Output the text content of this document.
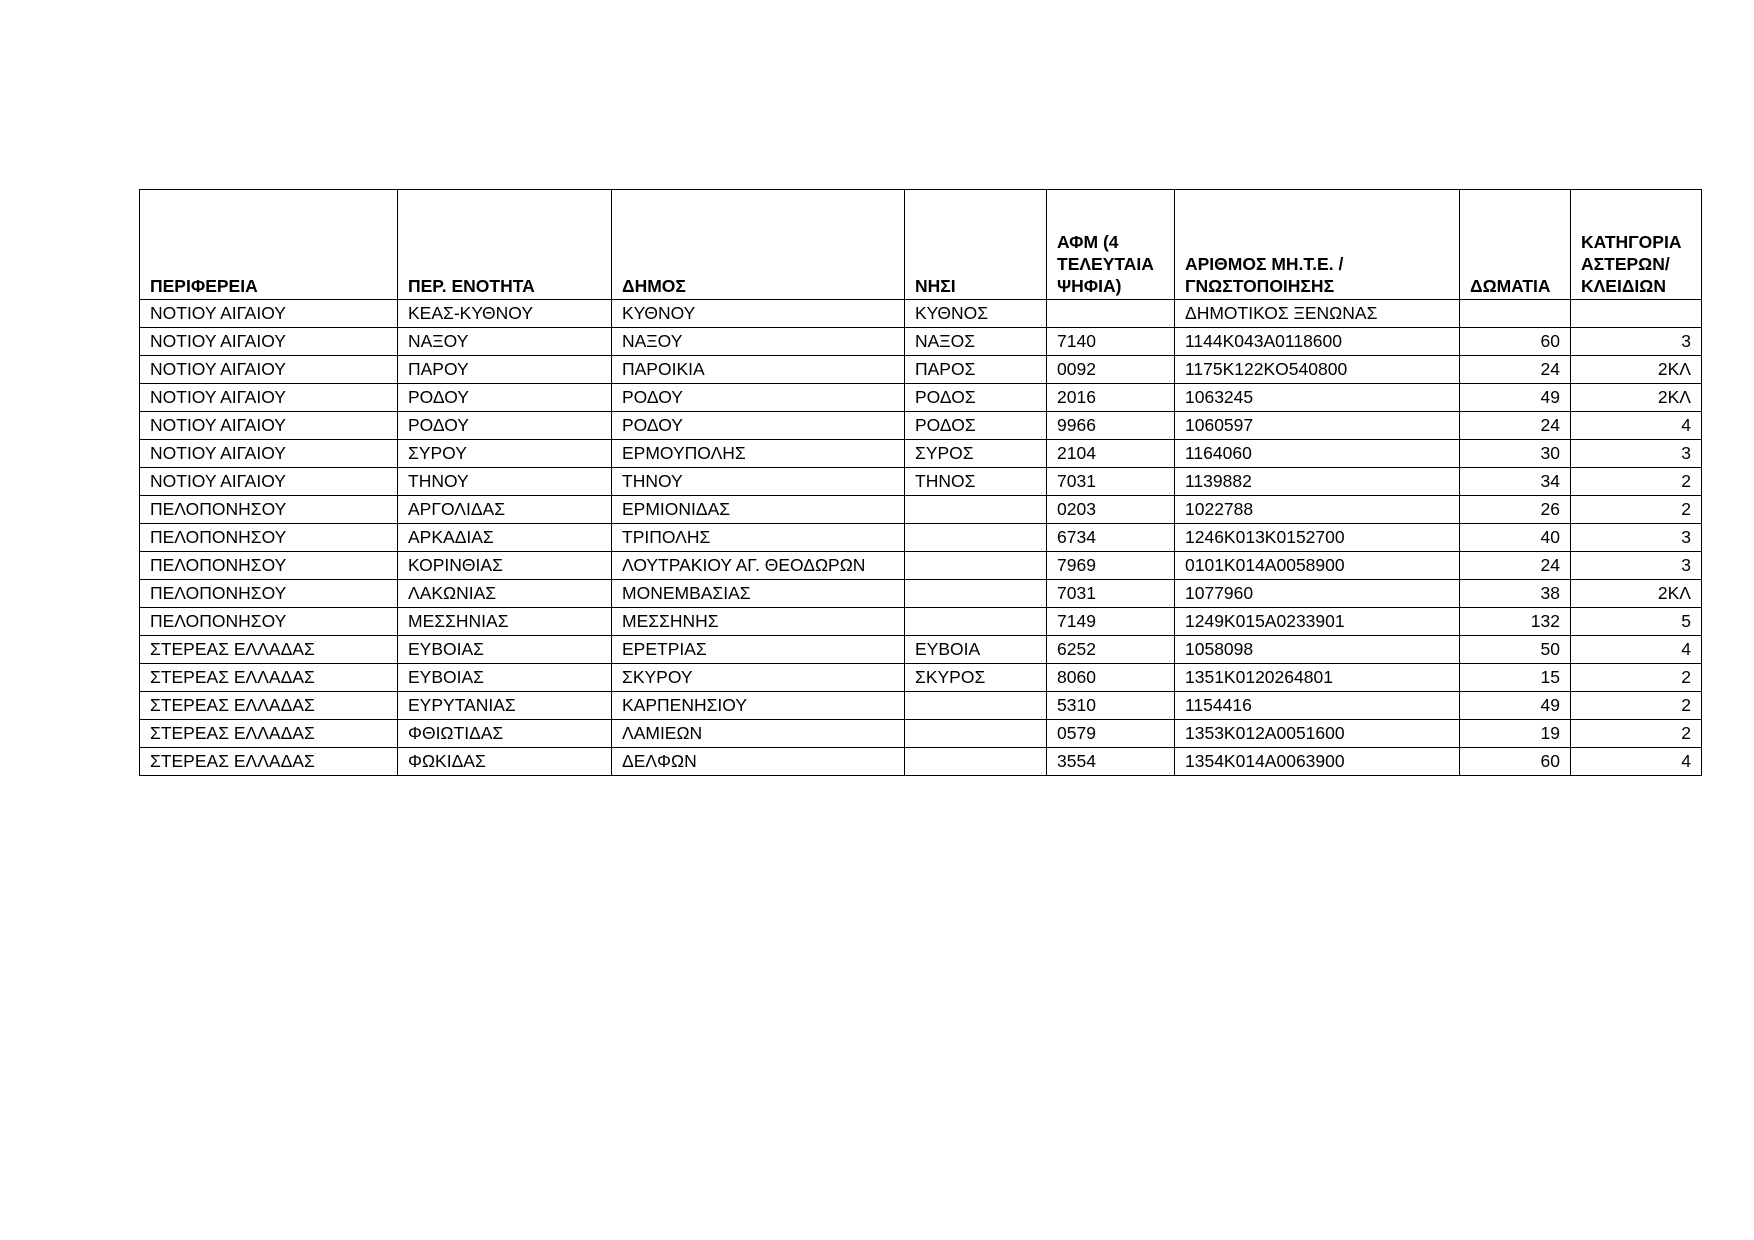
ΠΕΡΙΦΕΡΕΙΑ	ΠΕΡ. ΕΝΟΤΗΤΑ	ΔΗΜΟΣ	ΝΗΣΙ	ΑΦΜ (4 ΤΕΛΕΥΤΑΙΑ ΨΗΦΙΑ)	ΑΡΙΘΜΟΣ ΜΗ.Τ.Ε. / ΓΝΩΣΤΟΠΟΙΗΣΗΣ	ΔΩΜΑΤΙΑ	ΚΑΤΗΓΟΡΙΑ ΑΣΤΕΡΩΝ/ ΚΛΕΙΔΙΩΝ
ΝΟΤΙΟΥ ΑΙΓΑΙΟΥ	ΚΕΑΣ-ΚΥΘΝΟΥ	ΚΥΘΝΟΥ	ΚΥΘΝΟΣ		ΔΗΜΟΤΙΚΟΣ ΞΕΝΩΝΑΣ		
ΝΟΤΙΟΥ ΑΙΓΑΙΟΥ	ΝΑΞΟΥ	ΝΑΞΟΥ	ΝΑΞΟΣ	7140	1144K043A0118600	60	3
ΝΟΤΙΟΥ ΑΙΓΑΙΟΥ	ΠΑΡΟΥ	ΠΑΡΟΙΚΙΑ	ΠΑΡΟΣ	0092	1175K122KO540800	24	2ΚΛ
ΝΟΤΙΟΥ ΑΙΓΑΙΟΥ	ΡΟΔΟΥ	ΡΟΔΟΥ	ΡΟΔΟΣ	2016	1063245	49	2ΚΛ
ΝΟΤΙΟΥ ΑΙΓΑΙΟΥ	ΡΟΔΟΥ	ΡΟΔΟΥ	ΡΟΔΟΣ	9966	1060597	24	4
ΝΟΤΙΟΥ ΑΙΓΑΙΟΥ	ΣΥΡΟΥ	ΕΡΜΟΥΠΟΛΗΣ	ΣΥΡΟΣ	2104	1164060	30	3
ΝΟΤΙΟΥ ΑΙΓΑΙΟΥ	ΤΗΝΟΥ	ΤΗΝΟΥ	ΤΗΝΟΣ	7031	1139882	34	2
ΠΕΛΟΠΟΝΗΣΟΥ	ΑΡΓΟΛΙΔΑΣ	ΕΡΜΙΟΝΙΔΑΣ		0203	1022788	26	2
ΠΕΛΟΠΟΝΗΣΟΥ	ΑΡΚΑΔΙΑΣ	ΤΡΙΠΟΛΗΣ		6734	1246K013K0152700	40	3
ΠΕΛΟΠΟΝΗΣΟΥ	ΚΟΡΙΝΘΙΑΣ	ΛΟΥΤΡΑΚΙΟΥ ΑΓ. ΘΕΟΔΩΡΩΝ		7969	0101K014A0058900	24	3
ΠΕΛΟΠΟΝΗΣΟΥ	ΛΑΚΩΝΙΑΣ	ΜΟΝΕΜΒΑΣΙΑΣ		7031	1077960	38	2ΚΛ
ΠΕΛΟΠΟΝΗΣΟΥ	ΜΕΣΣΗΝΙΑΣ	ΜΕΣΣΗΝΗΣ		7149	1249K015A0233901	132	5
ΣΤΕΡΕΑΣ ΕΛΛΑΔΑΣ	ΕΥΒΟΙΑΣ	ΕΡΕΤΡΙΑΣ	ΕΥΒΟΙΑ	6252	1058098	50	4
ΣΤΕΡΕΑΣ ΕΛΛΑΔΑΣ	ΕΥΒΟΙΑΣ	ΣΚΥΡΟΥ	ΣΚΥΡΟΣ	8060	1351K0120264801	15	2
ΣΤΕΡΕΑΣ ΕΛΛΑΔΑΣ	ΕΥΡΥΤΑΝΙΑΣ	ΚΑΡΠΕΝΗΣΙΟΥ		5310	1154416	49	2
ΣΤΕΡΕΑΣ ΕΛΛΑΔΑΣ	ΦΘΙΩΤΙΔΑΣ	ΛΑΜΙΕΩΝ		0579	1353K012A0051600	19	2
ΣΤΕΡΕΑΣ ΕΛΛΑΔΑΣ	ΦΩΚΙΔΑΣ	ΔΕΛΦΩΝ		3554	1354K014A0063900	60	4
